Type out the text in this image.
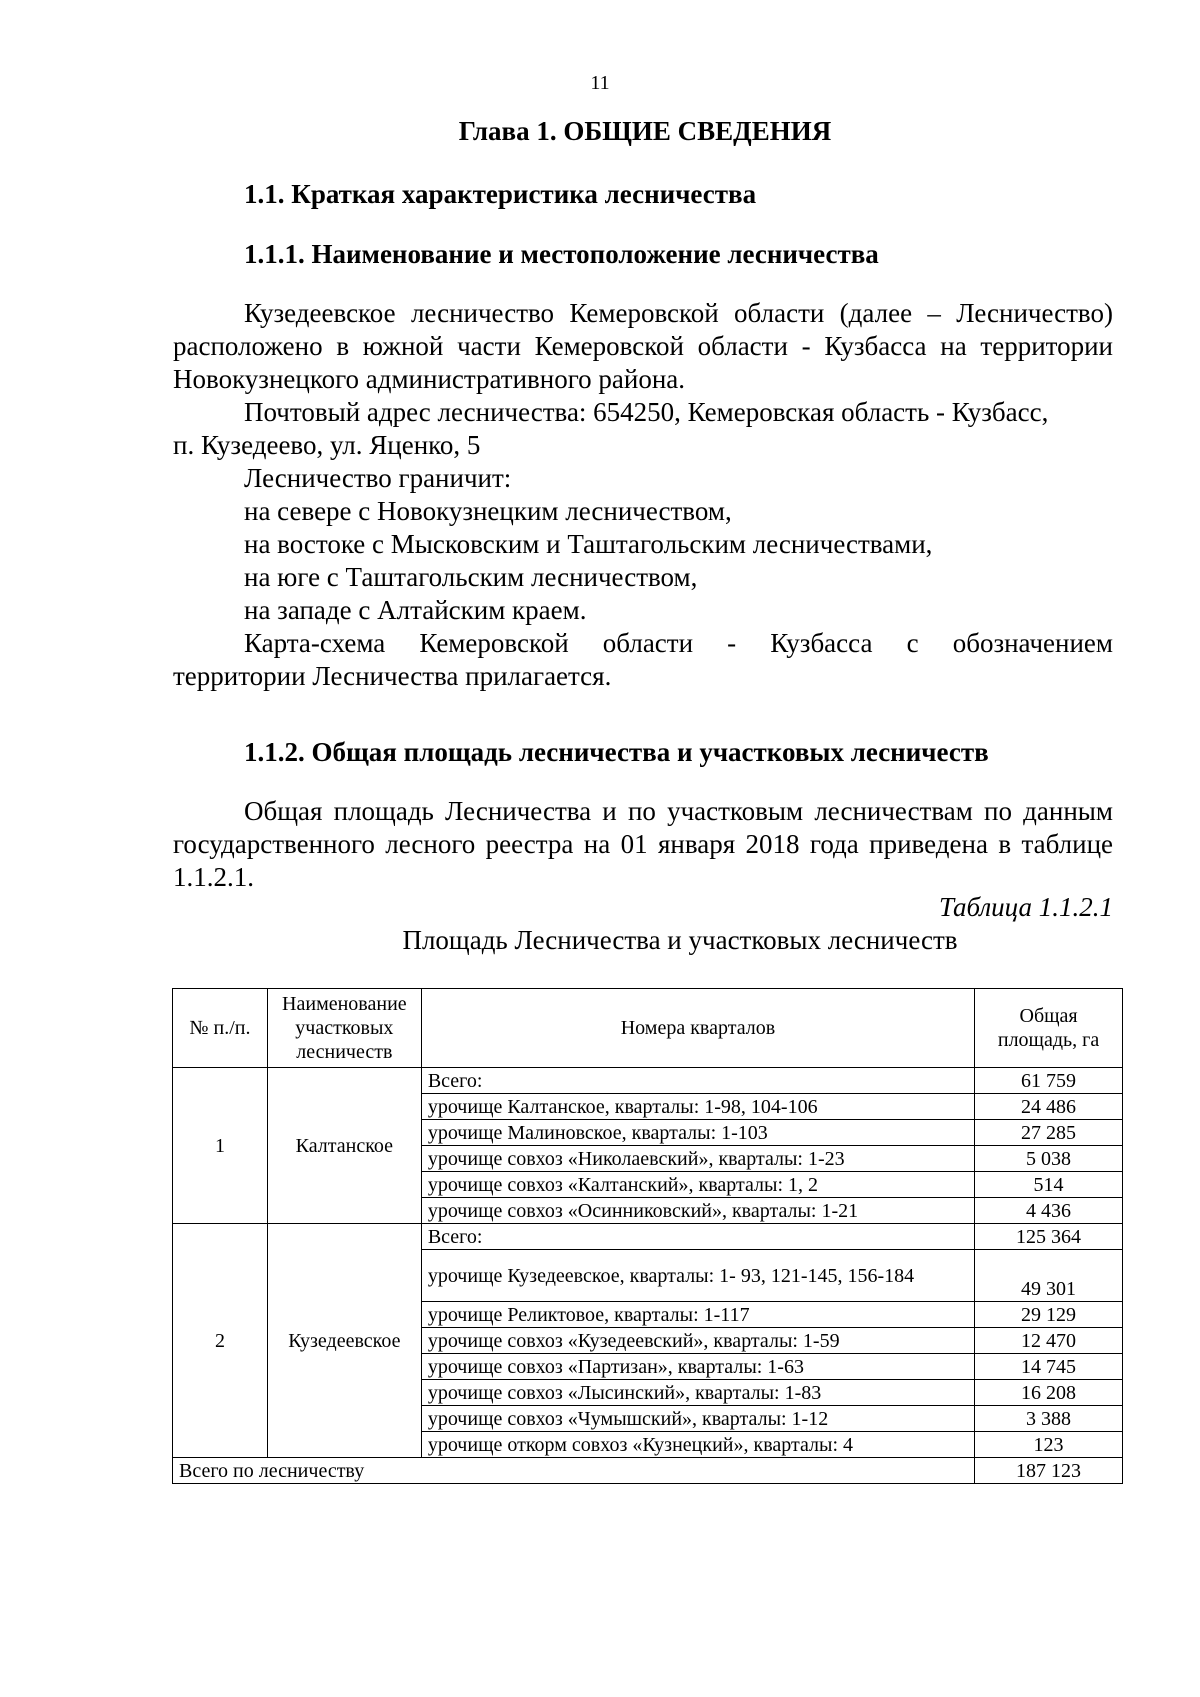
11
Глава 1. ОБЩИЕ СВЕДЕНИЯ
1.1. Краткая характеристика лесничества
1.1.1. Наименование и местоположение лесничества

Кузедеевское лесничество Кемеровской области (далее – Лесничество)

расположено в южной части Кемеровской области - Кузбасса на территории

Новокузнецкого административного района.

Почтовый адрес лесничества: 654250, Кемеровская область - Кузбасс,

п. Кузедеево, ул. Яценко, 5

Лесничество граничит:

на севере с Новокузнецким лесничеством,

на востоке с Мысковским и Таштагольским лесничествами,

на юге с Таштагольским лесничеством,

на западе с Алтайским краем.

Карта-схема Кемеровской области - Кузбасса с обозначением

территории Лесничества прилагается.

1.1.2. Общая площадь лесничества и участковых лесничеств

Общая площадь Лесничества и по участковым лесничествам по данным

государственного лесного реестра на 01 января 2018 года приведена в таблице

1.1.2.1.

Таблица 1.1.2.1
Площадь Лесничества и участковых лесничеств
№ п./п.	Наименование участковых лесничеств	Номера кварталов	Общая площадь, га
1	Калтанское	Всего:	61 759
		урочище Калтанское, кварталы: 1-98, 104-106	24 486
		урочище Малиновское, кварталы: 1-103	27 285
		урочище совхоз «Николаевский», кварталы: 1-23	5 038
		урочище совхоз «Калтанский», кварталы: 1, 2	514
		урочище совхоз «Осинниковский», кварталы: 1-21	4 436
2	Кузедеевское	Всего:	125 364
		урочище Кузедеевское, кварталы: 1- 93, 121-145, 156-184	49 301
		урочище Реликтовое, кварталы: 1-117	29 129
		урочище совхоз «Кузедеевский», кварталы: 1-59	12 470
		урочище совхоз «Партизан», кварталы: 1-63	14 745
		урочище совхоз «Лысинский», кварталы: 1-83	16 208
		урочище совхоз «Чумышский», кварталы: 1-12	3 388
		урочище откорм совхоз «Кузнецкий», кварталы: 4	123
Всего по лесничеству			187 123
